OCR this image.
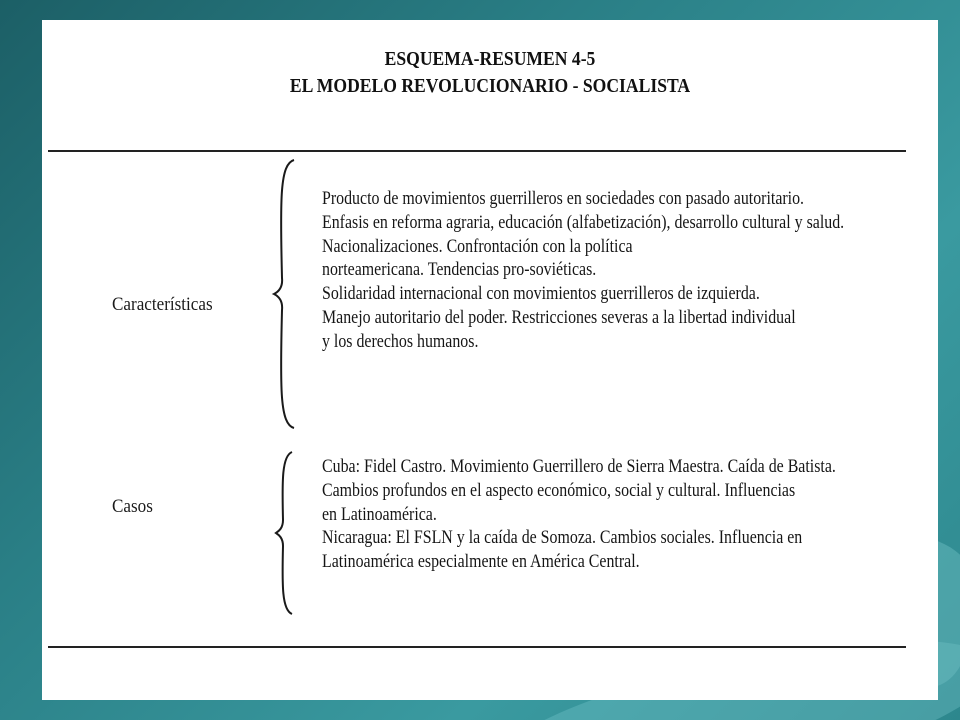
ESQUEMA-RESUMEN 4-5
EL MODELO REVOLUCIONARIO - SOCIALISTA
Características
Producto de movimientos guerrilleros en sociedades con pasado autoritario.
Enfasis en reforma agraria, educación (alfabetización), desarrollo cultural y salud.
Nacionalizaciones. Confrontación con la política
norteamericana. Tendencias pro-soviéticas.
Solidaridad internacional con movimientos guerrilleros de izquierda.
Manejo autoritario del poder. Restricciones severas a la libertad individual
y los derechos humanos.
Casos
Cuba: Fidel Castro. Movimiento Guerrillero de Sierra Maestra. Caída de Batista.
Cambios profundos en el aspecto económico, social y cultural. Influencias
en Latinoamérica.
Nicaragua: El FSLN y la caída de Somoza. Cambios sociales. Influencia en
Latinoamérica especialmente en América Central.
